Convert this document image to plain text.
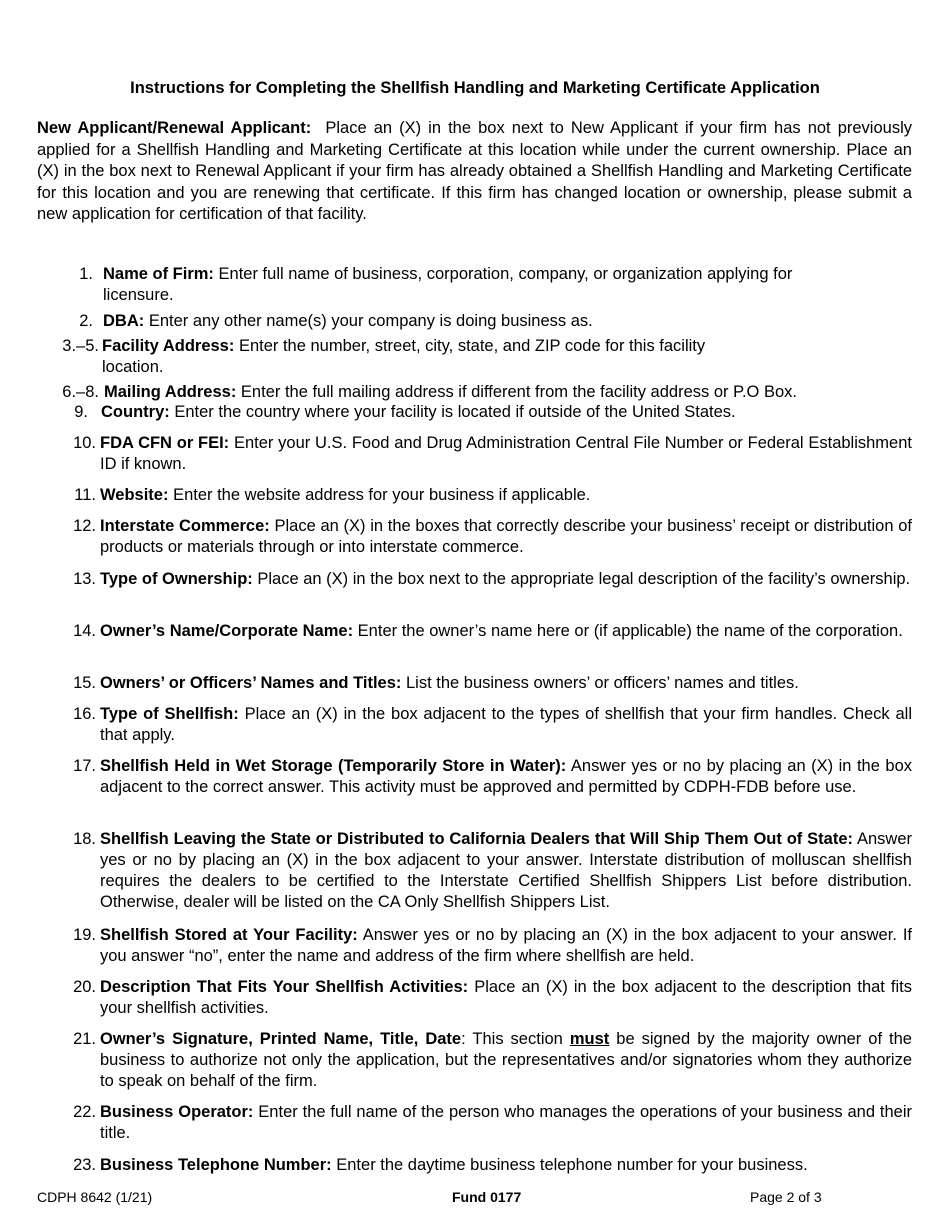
Instructions for Completing the Shellfish Handling and Marketing Certificate Application
New Applicant/Renewal Applicant: Place an (X) in the box next to New Applicant if your firm has not previously applied for a Shellfish Handling and Marketing Certificate at this location while under the current ownership. Place an (X) in the box next to Renewal Applicant if your firm has already obtained a Shellfish Handling and Marketing Certificate for this location and you are renewing that certificate. If this firm has changed location or ownership, please submit a new application for certification of that facility.
1. Name of Firm: Enter full name of business, corporation, company, or organization applying for licensure.
2. DBA: Enter any other name(s) your company is doing business as.
3.–5. Facility Address: Enter the number, street, city, state, and ZIP code for this facility location.
6.–8. Mailing Address: Enter the full mailing address if different from the facility address or P.O Box.
9. Country: Enter the country where your facility is located if outside of the United States.
10. FDA CFN or FEI: Enter your U.S. Food and Drug Administration Central File Number or Federal Establishment ID if known.
11. Website: Enter the website address for your business if applicable.
12. Interstate Commerce: Place an (X) in the boxes that correctly describe your business’ receipt or distribution of products or materials through or into interstate commerce.
13. Type of Ownership: Place an (X) in the box next to the appropriate legal description of the facility’s ownership.
14. Owner’s Name/Corporate Name: Enter the owner’s name here or (if applicable) the name of the corporation.
15. Owners’ or Officers’ Names and Titles: List the business owners’ or officers’ names and titles.
16. Type of Shellfish: Place an (X) in the box adjacent to the types of shellfish that your firm handles. Check all that apply.
17. Shellfish Held in Wet Storage (Temporarily Store in Water): Answer yes or no by placing an (X) in the box adjacent to the correct answer. This activity must be approved and permitted by CDPH-FDB before use.
18. Shellfish Leaving the State or Distributed to California Dealers that Will Ship Them Out of State: Answer yes or no by placing an (X) in the box adjacent to your answer. Interstate distribution of molluscan shellfish requires the dealers to be certified to the Interstate Certified Shellfish Shippers List before distribution. Otherwise, dealer will be listed on the CA Only Shellfish Shippers List.
19. Shellfish Stored at Your Facility: Answer yes or no by placing an (X) in the box adjacent to your answer. If you answer “no”, enter the name and address of the firm where shellfish are held.
20. Description That Fits Your Shellfish Activities: Place an (X) in the box adjacent to the description that fits your shellfish activities.
21. Owner’s Signature, Printed Name, Title, Date: This section must be signed by the majority owner of the business to authorize not only the application, but the representatives and/or signatories whom they authorize to speak on behalf of the firm.
22. Business Operator: Enter the full name of the person who manages the operations of your business and their title.
23. Business Telephone Number: Enter the daytime business telephone number for your business.
CDPH 8642 (1/21)	Fund 0177	Page 2 of 3
